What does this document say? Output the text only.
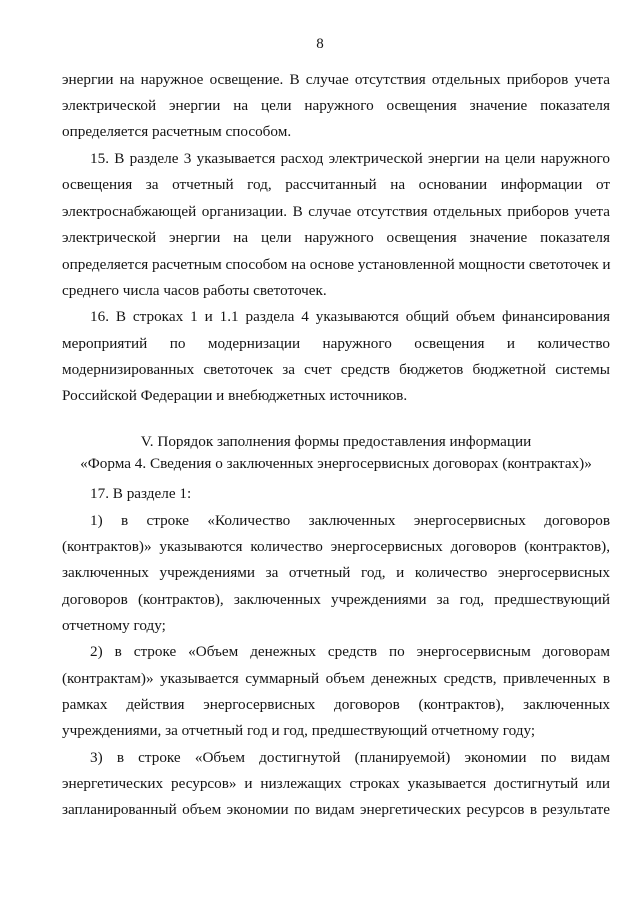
8
энергии на наружное освещение. В случае отсутствия отдельных приборов учета
электрической энергии на цели наружного освещения значение показателя
определяется расчетным способом.
15. В разделе 3 указывается расход электрической энергии на цели наружного
освещения за отчетный год, рассчитанный на основании информации от
электроснабжающей организации. В случае отсутствия отдельных приборов учета
электрической энергии на цели наружного освещения значение показателя
определяется расчетным способом на основе установленной мощности светоточек и
среднего числа часов работы светоточек.
16. В строках 1 и 1.1 раздела 4 указываются общий объем финансирования
мероприятий по модернизации наружного освещения и количество
модернизированных светоточек за счет средств бюджетов бюджетной системы
Российской Федерации и внебюджетных источников.
V. Порядок заполнения формы предоставления информации
«Форма 4. Сведения о заключенных энергосервисных договорах (контрактах)»
17. В разделе 1:
1) в строке «Количество заключенных энергосервисных договоров
(контрактов)» указываются количество энергосервисных договоров (контрактов),
заключенных учреждениями за отчетный год, и количество энергосервисных
договоров (контрактов), заключенных учреждениями за год, предшествующий
отчетному году;
2) в строке «Объем денежных средств по энергосервисным договорам
(контрактам)» указывается суммарный объем денежных средств, привлеченных в
рамках действия энергосервисных договоров (контрактов), заключенных
учреждениями, за отчетный год и год, предшествующий отчетному году;
3) в строке «Объем достигнутой (планируемой) экономии по видам
энергетических ресурсов» и низлежащих строках указывается достигнутый или
запланированный объем экономии по видам энергетических ресурсов в результате
